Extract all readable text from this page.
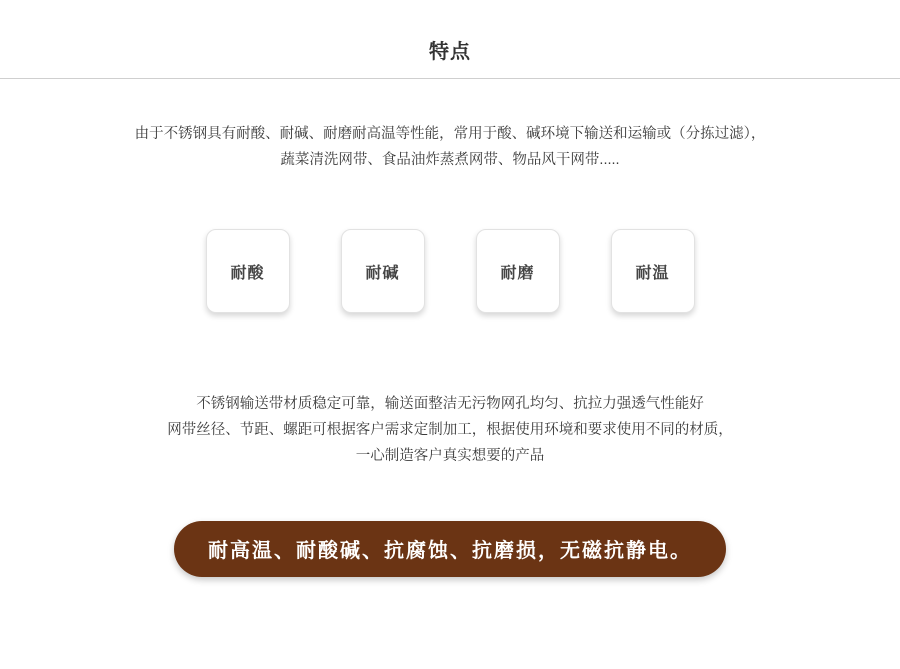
特点
由于不锈钢具有耐酸、耐碱、耐磨耐高温等性能，常用于酸、碱环境下输送和运输或（分拣过滤），
蔬菜清洗网带、食品油炸蒸煮网带、物品风干网带.....
耐酸	耐碱	耐磨	耐温
不锈钢输送带材质稳定可靠，输送面整洁无污物网孔均匀、抗拉力强透气性能好
网带丝径、节距、螺距可根据客户需求定制加工，根据使用环境和要求使用不同的材质，
一心制造客户真实想要的产品
耐高温、耐酸碱、抗腐蚀、抗磨损，无磁抗静电。
